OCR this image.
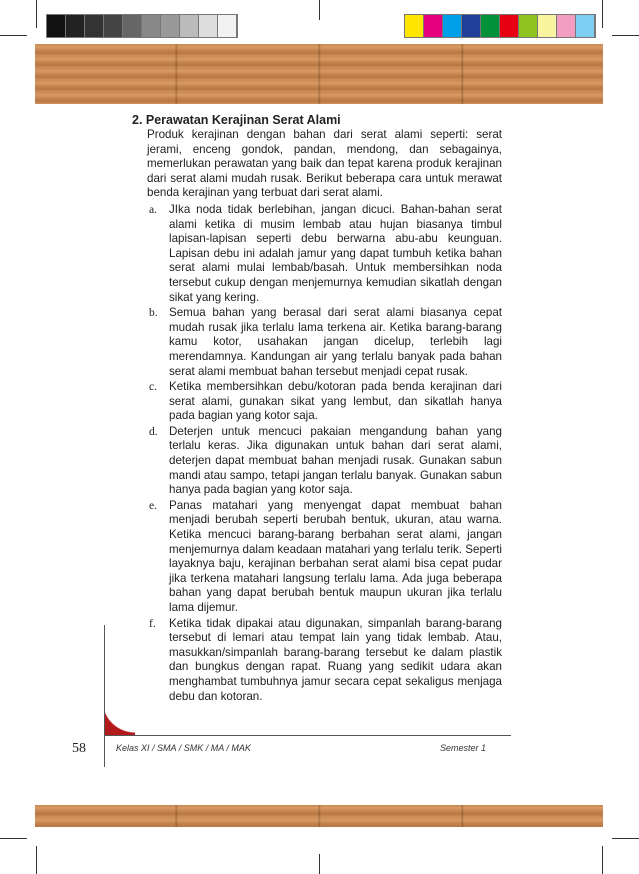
2. Perawatan Kerajinan Serat Alami
Produk kerajinan dengan bahan dari serat alami seperti: serat jerami, enceng gondok, pandan, mendong, dan sebagainya, memerlukan perawatan yang baik dan tepat karena produk kerajinan dari serat alami mudah rusak. Berikut beberapa cara untuk merawat benda kerajinan yang terbuat dari serat alami.
a. JIka noda tidak berlebihan, jangan dicuci. Bahan-bahan serat alami ketika di musim lembab atau hujan biasanya timbul lapisan-lapisan seperti debu berwarna abu-abu keunguan. Lapisan debu ini adalah jamur yang dapat tumbuh ketika bahan serat alami mulai lembab/basah. Untuk membersihkan noda tersebut cukup dengan menjemurnya kemudian sikatlah dengan sikat yang kering.
b. Semua bahan yang berasal dari serat alami biasanya cepat mudah rusak jika terlalu lama terkena air. Ketika barang-barang kamu kotor, usahakan jangan dicelup, terlebih lagi merendamnya. Kandungan air yang terlalu banyak pada bahan serat alami membuat bahan tersebut menjadi cepat rusak.
c. Ketika membersihkan debu/kotoran pada benda kerajinan dari serat alami, gunakan sikat yang lembut, dan sikatlah hanya pada bagian yang kotor saja.
d. Deterjen untuk mencuci pakaian mengandung bahan yang terlalu keras. Jika digunakan untuk bahan dari serat alami, deterjen dapat membuat bahan menjadi rusak. Gunakan sabun mandi atau sampo, tetapi jangan terlalu banyak. Gunakan sabun hanya pada bagian yang kotor saja.
e. Panas matahari yang menyengat dapat membuat bahan menjadi berubah seperti berubah bentuk, ukuran, atau warna. Ketika mencuci barang-barang berbahan serat alami, jangan menjemurnya dalam keadaan matahari yang terlalu terik. Seperti layaknya baju, kerajinan berbahan serat alami bisa cepat pudar jika terkena matahari langsung terlalu lama. Ada juga beberapa bahan yang dapat berubah bentuk maupun ukuran jika terlalu lama dijemur.
f. Ketika tidak dipakai atau digunakan, simpanlah barang-barang tersebut di lemari atau tempat lain yang tidak lembab. Atau, masukkan/simpanlah barang-barang tersebut ke dalam plastik dan bungkus dengan rapat. Ruang yang sedikit udara akan menghambat tumbuhnya jamur secara cepat sekaligus menjaga debu dan kotoran.
58	Kelas XI / SMA / SMK / MA / MAK	Semester 1
